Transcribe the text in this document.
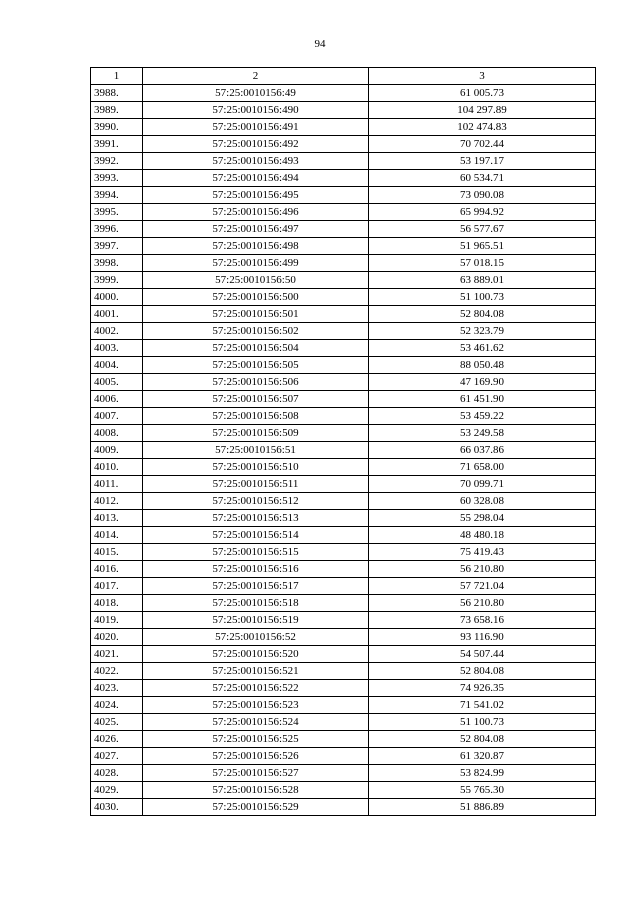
94
1	2	3
3988.	57:25:0010156:49	61 005.73
3989.	57:25:0010156:490	104 297.89
3990.	57:25:0010156:491	102 474.83
3991.	57:25:0010156:492	70 702.44
3992.	57:25:0010156:493	53 197.17
3993.	57:25:0010156:494	60 534.71
3994.	57:25:0010156:495	73 090.08
3995.	57:25:0010156:496	65 994.92
3996.	57:25:0010156:497	56 577.67
3997.	57:25:0010156:498	51 965.51
3998.	57:25:0010156:499	57 018.15
3999.	57:25:0010156:50	63 889.01
4000.	57:25:0010156:500	51 100.73
4001.	57:25:0010156:501	52 804.08
4002.	57:25:0010156:502	52 323.79
4003.	57:25:0010156:504	53 461.62
4004.	57:25:0010156:505	88 050.48
4005.	57:25:0010156:506	47 169.90
4006.	57:25:0010156:507	61 451.90
4007.	57:25:0010156:508	53 459.22
4008.	57:25:0010156:509	53 249.58
4009.	57:25:0010156:51	66 037.86
4010.	57:25:0010156:510	71 658.00
4011.	57:25:0010156:511	70 099.71
4012.	57:25:0010156:512	60 328.08
4013.	57:25:0010156:513	55 298.04
4014.	57:25:0010156:514	48 480.18
4015.	57:25:0010156:515	75 419.43
4016.	57:25:0010156:516	56 210.80
4017.	57:25:0010156:517	57 721.04
4018.	57:25:0010156:518	56 210.80
4019.	57:25:0010156:519	73 658.16
4020.	57:25:0010156:52	93 116.90
4021.	57:25:0010156:520	54 507.44
4022.	57:25:0010156:521	52 804.08
4023.	57:25:0010156:522	74 926.35
4024.	57:25:0010156:523	71 541.02
4025.	57:25:0010156:524	51 100.73
4026.	57:25:0010156:525	52 804.08
4027.	57:25:0010156:526	61 320.87
4028.	57:25:0010156:527	53 824.99
4029.	57:25:0010156:528	55 765.30
4030.	57:25:0010156:529	51 886.89
